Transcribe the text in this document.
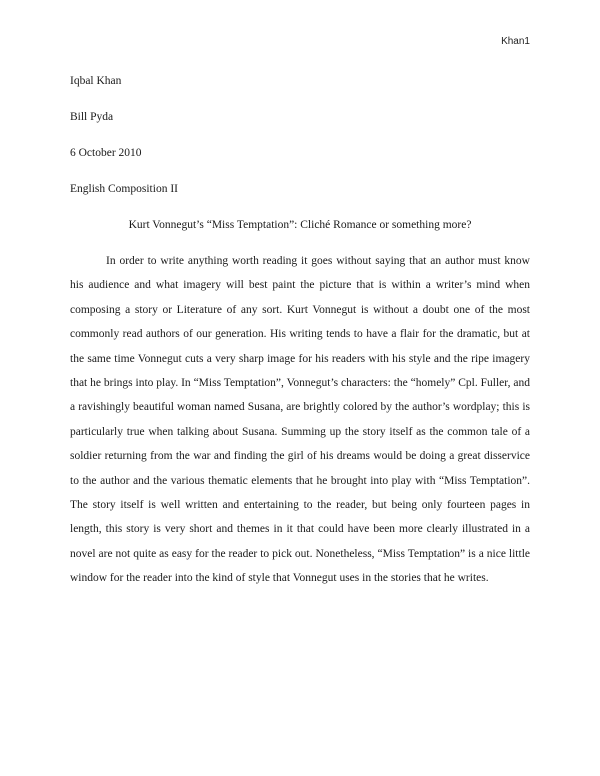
Khan1
Iqbal Khan
Bill Pyda
6 October 2010
English Composition II
Kurt Vonnegut’s “Miss Temptation”: Cliché Romance or something more?

In order to write anything worth reading it goes without saying that an author must know his audience and what imagery will best paint the picture that is within a writer’s mind when composing a story or Literature of any sort. Kurt Vonnegut is without a doubt one of the most commonly read authors of our generation. His writing tends to have a flair for the dramatic, but at the same time Vonnegut cuts a very sharp image for his readers with his style and the ripe imagery that he brings into play. In “Miss Temptation”, Vonnegut’s characters: the “homely” Cpl. Fuller, and a ravishingly beautiful woman named Susana, are brightly colored by the author’s wordplay; this is particularly true when talking about Susana. Summing up the story itself as the common tale of a soldier returning from the war and finding the girl of his dreams would be doing a great disservice to the author and the various thematic elements that he brought into play with “Miss Temptation”. The story itself is well written and entertaining to the reader, but being only fourteen pages in length, this story is very short and themes in it that could have been more clearly illustrated in a novel are not quite as easy for the reader to pick out. Nonetheless, “Miss Temptation” is a nice little window for the reader into the kind of style that Vonnegut uses in the stories that he writes.
